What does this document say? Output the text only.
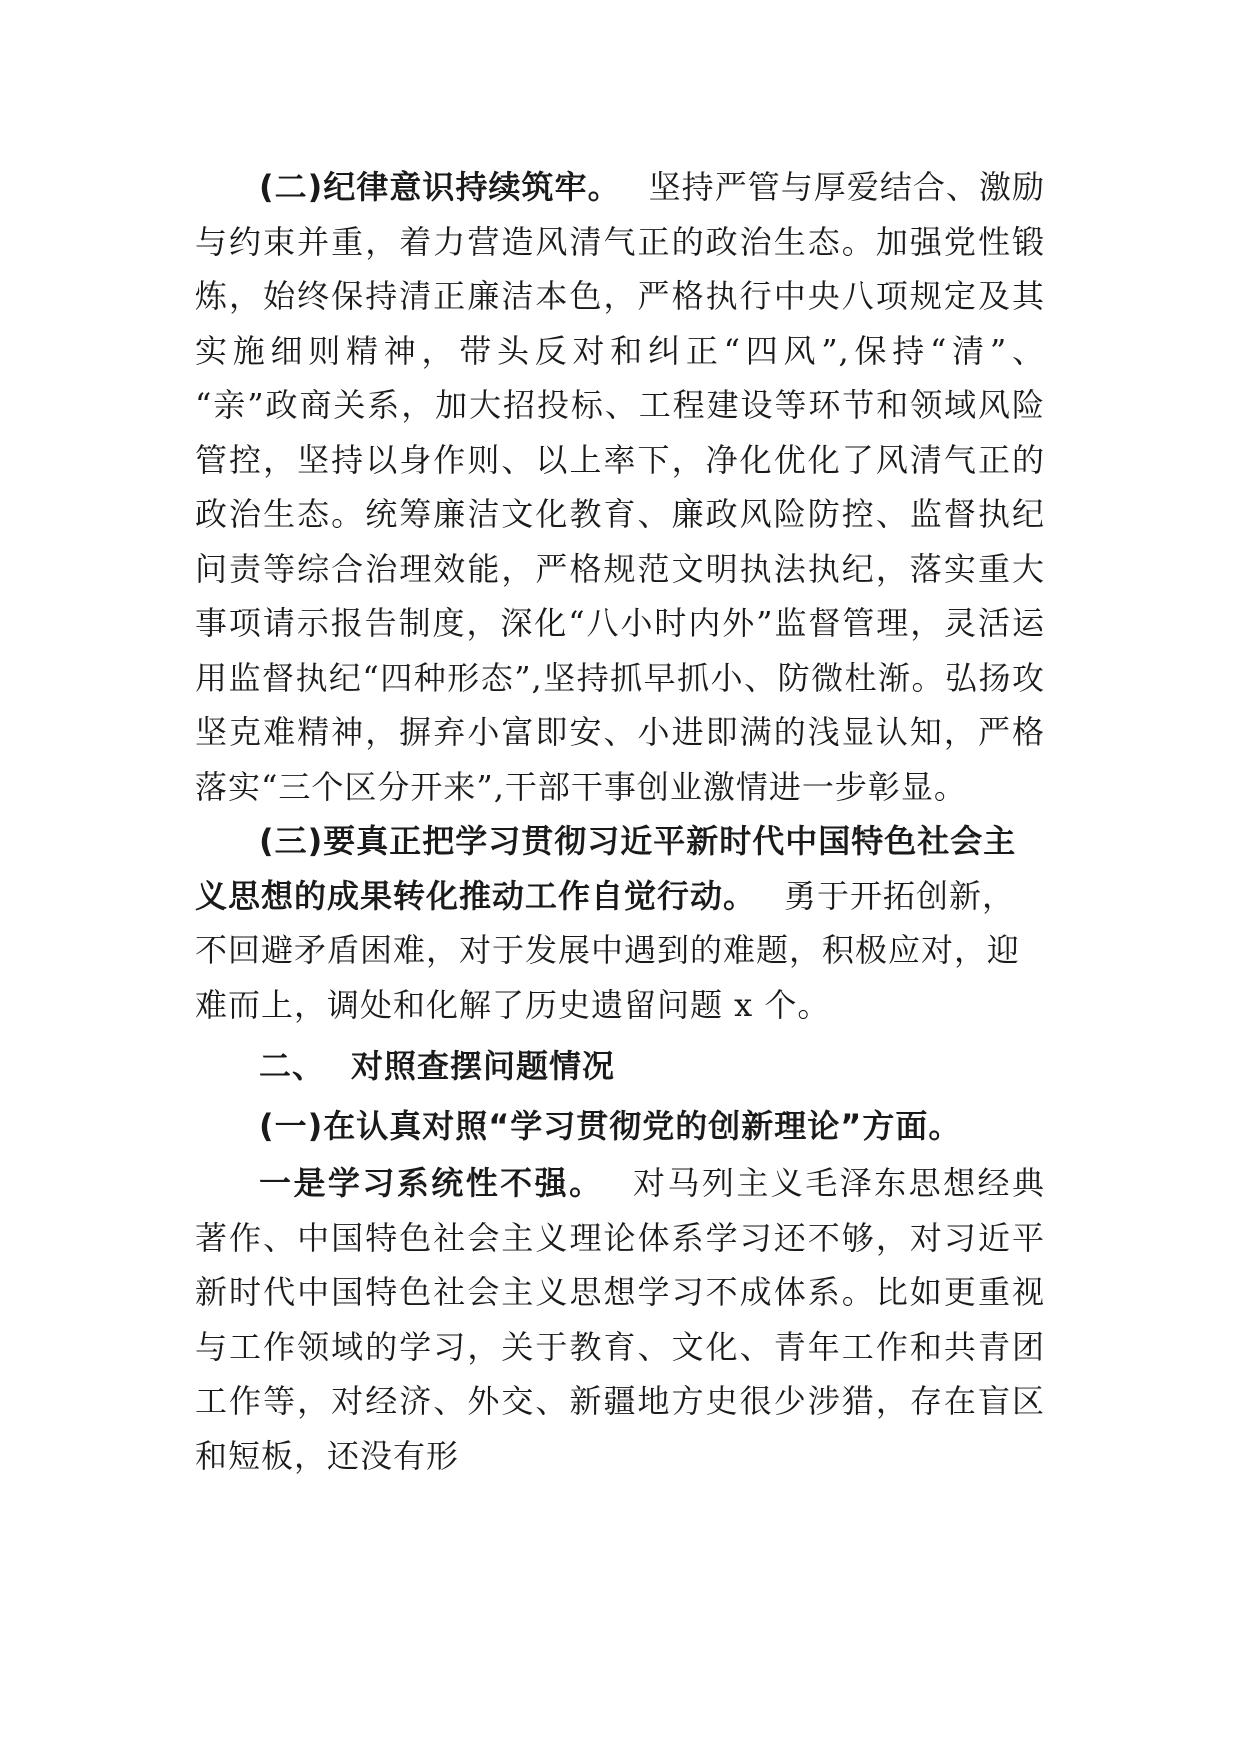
(二)纪律意识持续筑牢。 坚持严管与厚爱结合、激励与约束并重，着力营造风清气正的政治生态。加强党性锻炼，始终保持清正廉洁本色，严格执行中央八项规定及其实施细则精神，带头反对和纠正“四风”,保持“清”、 “亲”政商关系，加大招投标、工程建设等环节和领域风险管控，坚持以身作则、以上率下，净化优化了风清气正的政治生态。统筹廉洁文化教育、廉政风险防控、监督执纪问责等综合治理效能，严格规范文明执法执纪，落实重大事项请示报告制度，深化“八小时内外”监督管理，灵活运用监督执纪“四种形态”,坚持抓早抓小、防微杜渐。弘扬攻坚克难精神，摒弃小富即安、小进即满的浅显认知，严格落实“三个区分开来”,干部干事创业激情进一步彰显。

(三)要真正把学习贯彻习近平新时代中国特色社会主义思想的成果转化推动工作自觉行动。 勇于开拓创新，不回避矛盾困难，对于发展中遇到的难题，积极应对，迎难而上，调处和化解了历史遗留问题 x 个。

二、 对照查摆问题情况

(一)在认真对照“学习贯彻党的创新理论”方面。

一是学习系统性不强。 对马列主义毛泽东思想经典著作、中国特色社会主义理论体系学习还不够，对习近平新时代中国特色社会主义思想学习不成体系。比如更重视与工作领域的学习，关于教育、文化、青年工作和共青团工作等，对经济、外交、新疆地方史很少涉猎，存在盲区和短板，还没有形
